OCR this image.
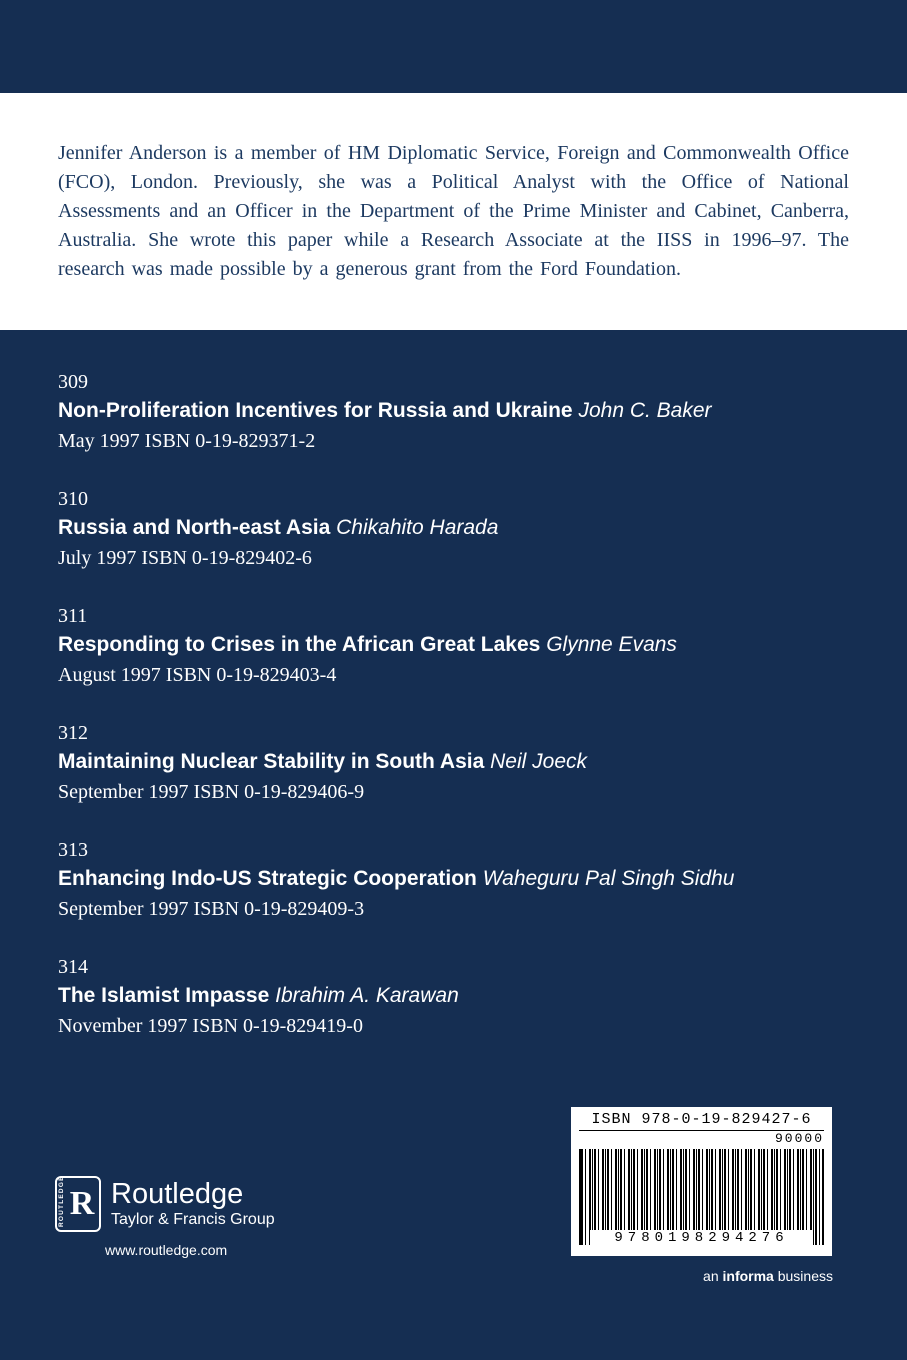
Jennifer Anderson is a member of HM Diplomatic Service, Foreign and Commonwealth Office (FCO), London. Previously, she was a Political Analyst with the Office of National Assessments and an Officer in the Department of the Prime Minister and Cabinet, Canberra, Australia. She wrote this paper while a Research Associate at the IISS in 1996–97. The research was made possible by a generous grant from the Ford Foundation.
309
Non-Proliferation Incentives for Russia and Ukraine John C. Baker
May 1997 ISBN 0-19-829371-2
310
Russia and North-east Asia Chikahito Harada
July 1997 ISBN 0-19-829402-6
311
Responding to Crises in the African Great Lakes Glynne Evans
August 1997 ISBN 0-19-829403-4
312
Maintaining Nuclear Stability in South Asia Neil Joeck
September 1997 ISBN 0-19-829406-9
313
Enhancing Indo-US Strategic Cooperation Waheguru Pal Singh Sidhu
September 1997 ISBN 0-19-829409-3
314
The Islamist Impasse Ibrahim A. Karawan
November 1997 ISBN 0-19-829419-0
ROUTLEDGE R Routledge
Taylor & Francis Group
www.routledge.com
ISBN 978-0-19-829427-6
90000
9780198294276
an informa business
